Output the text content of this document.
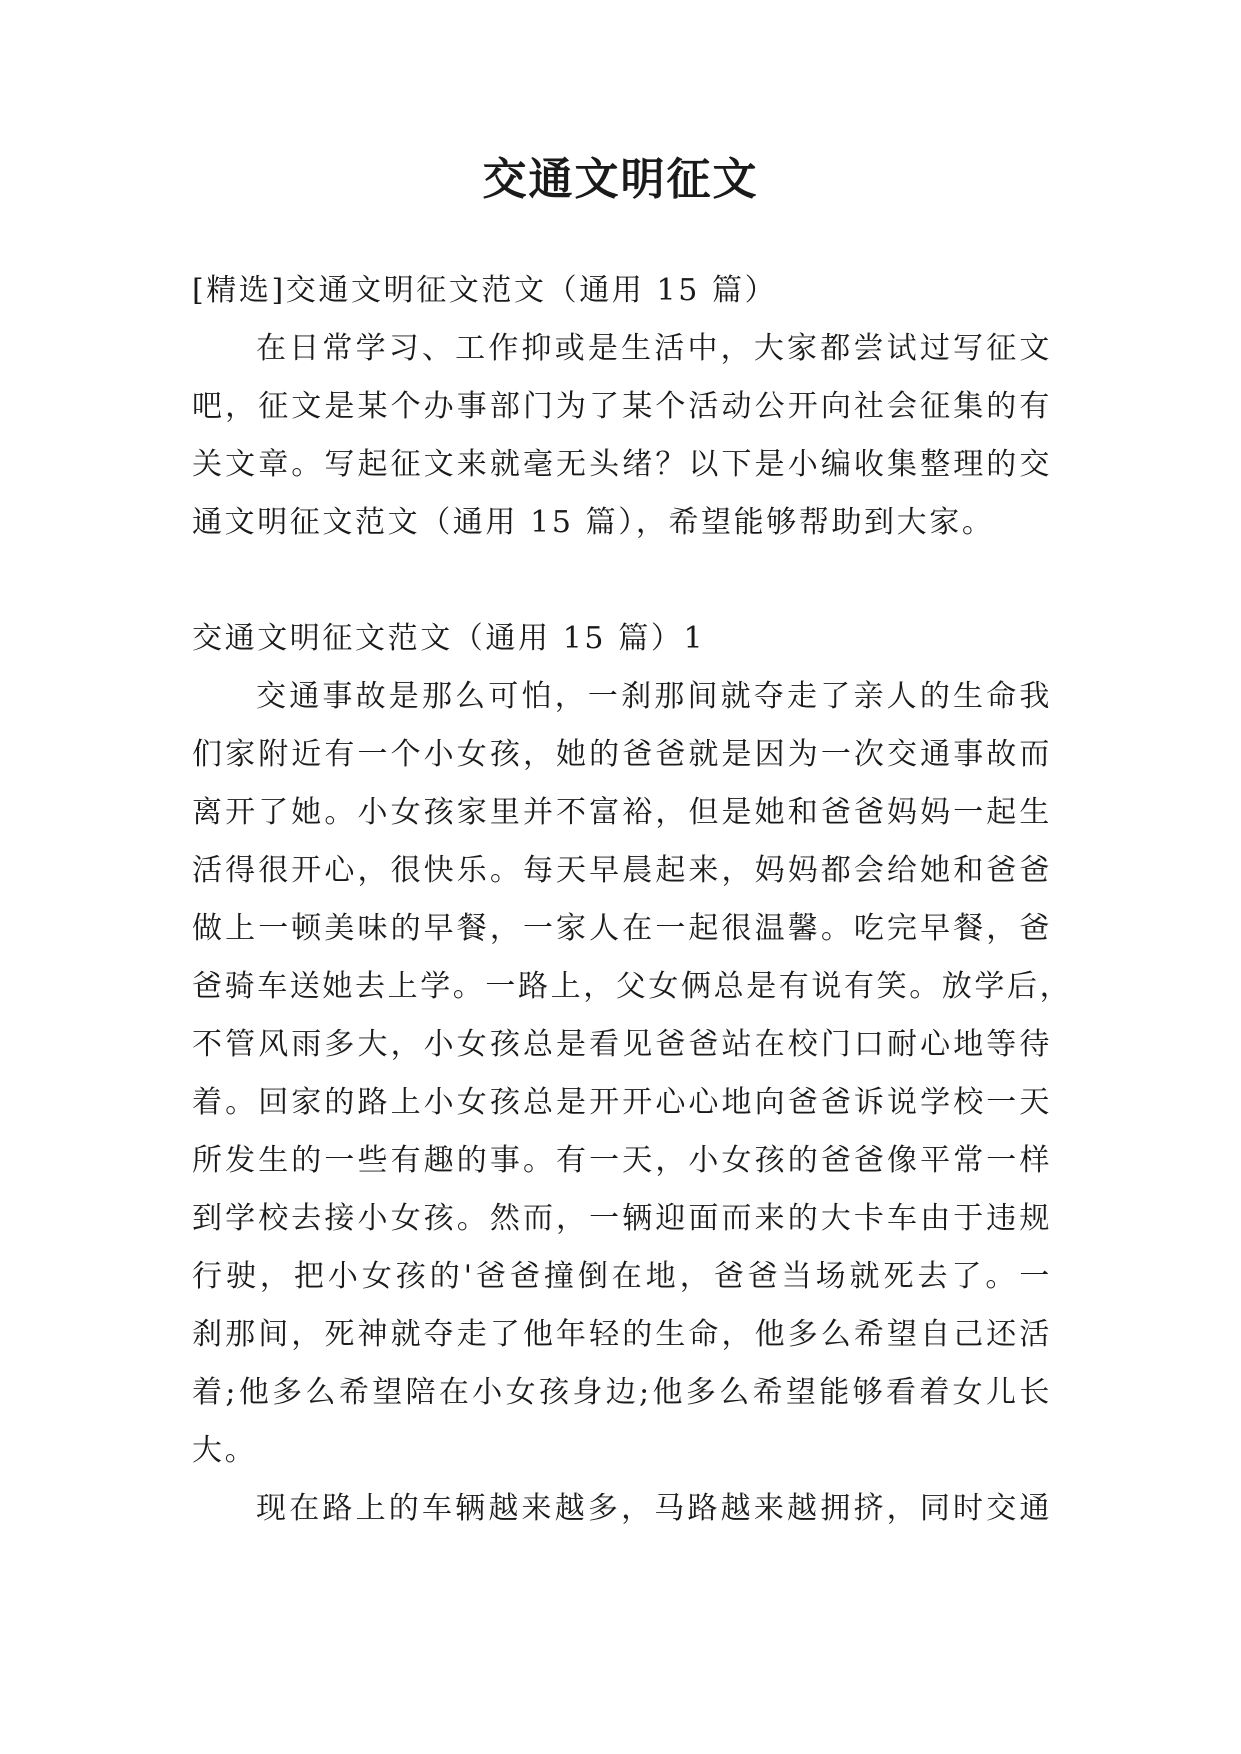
交通文明征文
[精选]交通文明征文范文（通用 15 篇）
在日常学习、工作抑或是生活中，大家都尝试过写征文
吧，征文是某个办事部门为了某个活动公开向社会征集的有
关文章。写起征文来就毫无头绪？以下是小编收集整理的交
通文明征文范文（通用 15 篇），希望能够帮助到大家。
交通文明征文范文（通用 15 篇）1
交通事故是那么可怕，一刹那间就夺走了亲人的生命我
们家附近有一个小女孩，她的爸爸就是因为一次交通事故而
离开了她。小女孩家里并不富裕，但是她和爸爸妈妈一起生
活得很开心，很快乐。每天早晨起来，妈妈都会给她和爸爸
做上一顿美味的早餐，一家人在一起很温馨。吃完早餐，爸
爸骑车送她去上学。一路上，父女俩总是有说有笑。放学后，
不管风雨多大，小女孩总是看见爸爸站在校门口耐心地等待
着。回家的路上小女孩总是开开心心地向爸爸诉说学校一天
所发生的一些有趣的事。有一天，小女孩的爸爸像平常一样
到学校去接小女孩。然而，一辆迎面而来的大卡车由于违规
行驶，把小女孩的'爸爸撞倒在地，爸爸当场就死去了。一
刹那间，死神就夺走了他年轻的生命，他多么希望自己还活
着;他多么希望陪在小女孩身边;他多么希望能够看着女儿长
大。
现在路上的车辆越来越多，马路越来越拥挤，同时交通
